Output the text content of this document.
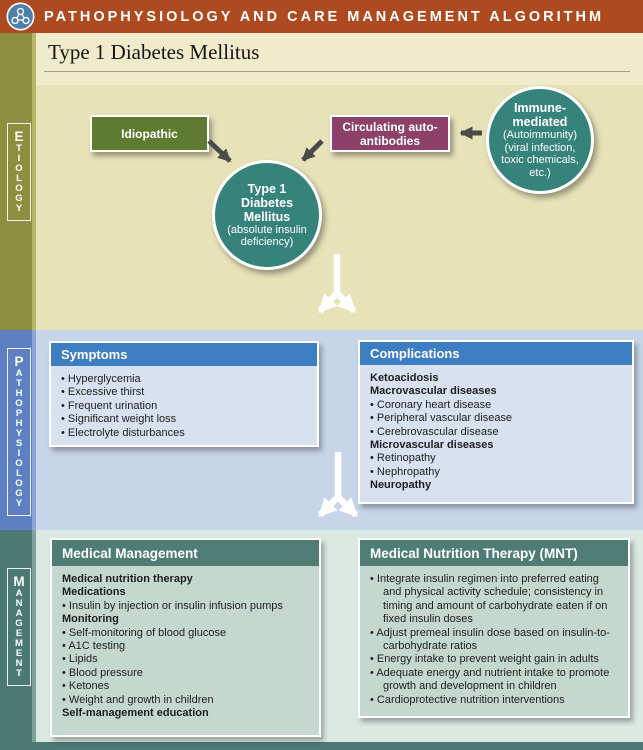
PATHOPHYSIOLOGY AND CARE MANAGEMENT ALGORITHM
Type 1 Diabetes Mellitus
E
T
I
O
L
O
G
Y
P
A
T
H
O
P
H
Y
S
I
O
L
O
G
Y
M
A
N
A
G
E
M
E
N
T
Idiopathic	Circulating auto-antibodies
Immune-
mediated
(Autoimmunity)
(viral infection,
toxic chemicals,
etc.)
Type 1
Diabetes
Mellitus
(absolute insulin
deficiency)
Symptoms
• Hyperglycemia
• Excessive thirst
• Frequent urination
• Significant weight loss
• Electrolyte disturbances
Complications
Ketoacidosis
Macrovascular diseases
• Coronary heart disease
• Peripheral vascular disease
• Cerebrovascular disease
Microvascular diseases
• Retinopathy
• Nephropathy
Neuropathy
Medical Management
Medical nutrition therapy
Medications
• Insulin by injection or insulin infusion pumps
Monitoring
• Self-monitoring of blood glucose
• A1C testing
• Lipids
• Blood pressure
• Ketones
• Weight and growth in children
Self-management education
Medical Nutrition Therapy (MNT)
• Integrate insulin regimen into preferred eating and physical activity schedule; consistency in timing and amount of carbohydrate eaten if on fixed insulin doses
• Adjust premeal insulin dose based on insulin-to-carbohydrate ratios
• Energy intake to prevent weight gain in adults
• Adequate energy and nutrient intake to promote growth and development in children
• Cardioprotective nutrition interventions
